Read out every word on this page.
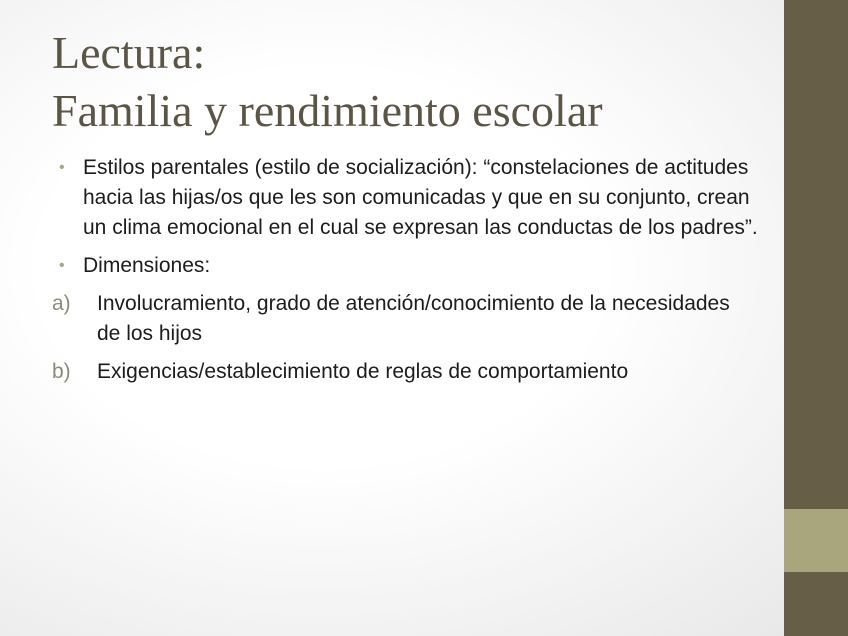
Lectura:
Familia y rendimiento escolar
• Estilos parentales (estilo de socialización): “constelaciones de actitudes hacia las hijas/os que les son comunicadas y que en su conjunto, crean un clima emocional en el cual se expresan las conductas de los padres”.
• Dimensiones:
a) Involucramiento, grado de atención/conocimiento de la necesidades de los hijos
b) Exigencias/establecimiento de reglas de comportamiento
